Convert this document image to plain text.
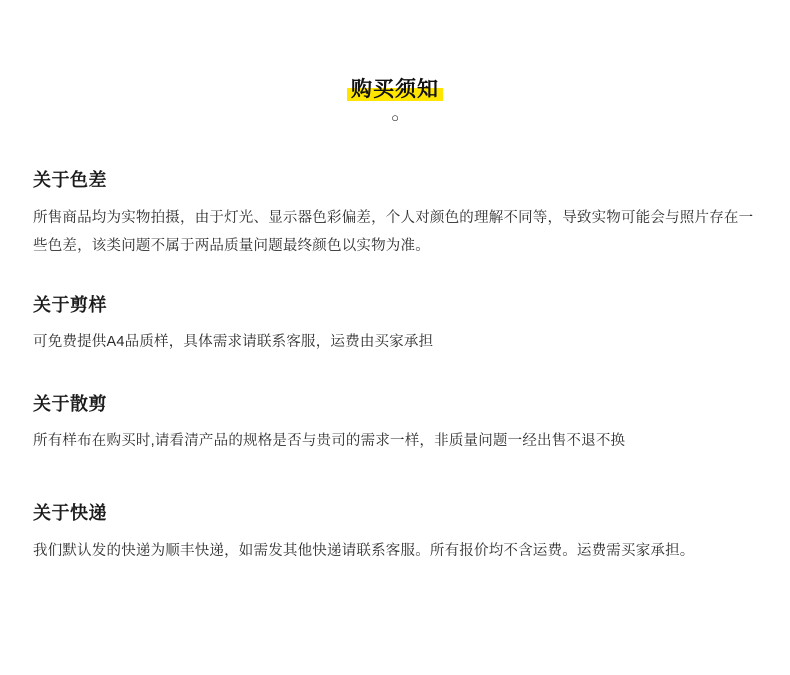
购买须知
○
关于色差

所售商品均为实物拍摄，由于灯光、显示器色彩偏差，个人对颜色的理解不同等，导致实物可能会与照片存在一些色差，该类问题不属于两品质量问题最终颜色以实物为准。

关于剪样

可免费提供A4品质样，具体需求请联系客服，运费由买家承担

关于散剪

所有样布在购买时,请看清产品的规格是否与贵司的需求一样，非质量问题一经出售不退不换

关于快递

我们默认发的快递为顺丰快递，如需发其他快递请联系客服。所有报价均不含运费。运费需买家承担。
